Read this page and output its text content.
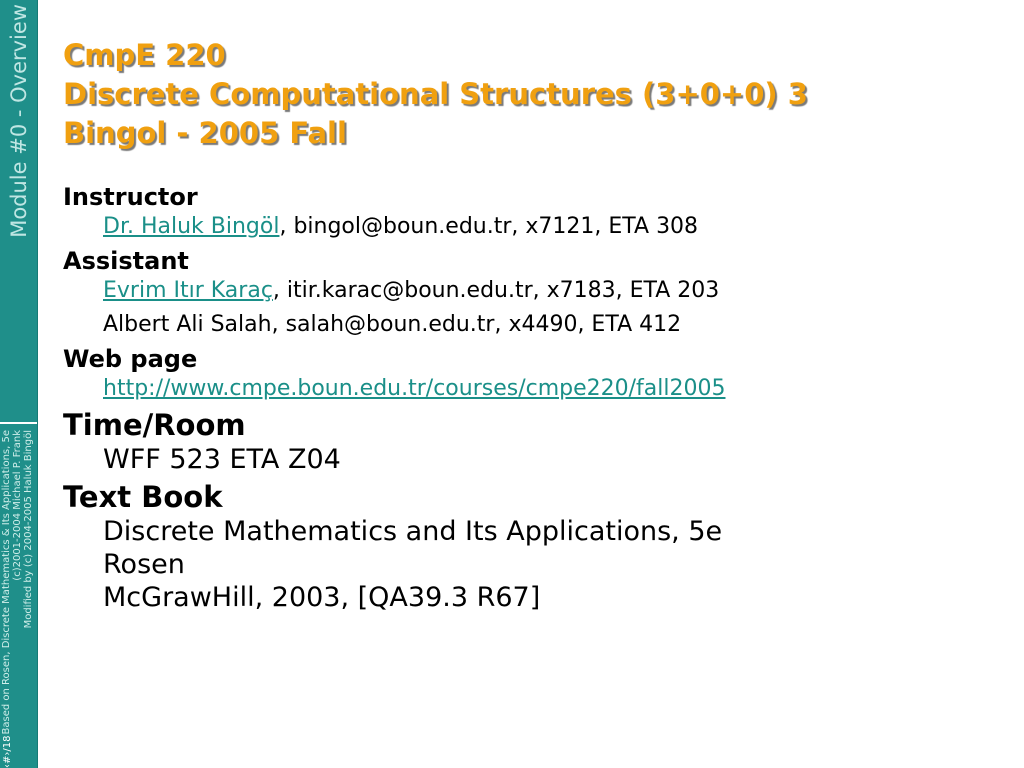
Module #0 - Overview
Based on Rosen, Discrete Mathematics & Its Applications, 5e (c)2001-2004 Michael P. Frank Modified by (c) 2004-2005 Haluk Bingöl
‹#›/18
CmpE 220
Discrete Computational Structures (3+0+0) 3
Bingol - 2005 Fall
Instructor
Dr. Haluk Bingöl, bingol@boun.edu.tr, x7121, ETA 308
Assistant
Evrim Itır Karaç, itir.karac@boun.edu.tr, x7183, ETA 203
Albert Ali Salah, salah@boun.edu.tr, x4490, ETA 412
Web page
http://www.cmpe.boun.edu.tr/courses/cmpe220/fall2005
Time/Room
WFF 523 ETA Z04
Text Book
Discrete Mathematics and Its Applications, 5e
Rosen
McGrawHill, 2003, [QA39.3 R67]
